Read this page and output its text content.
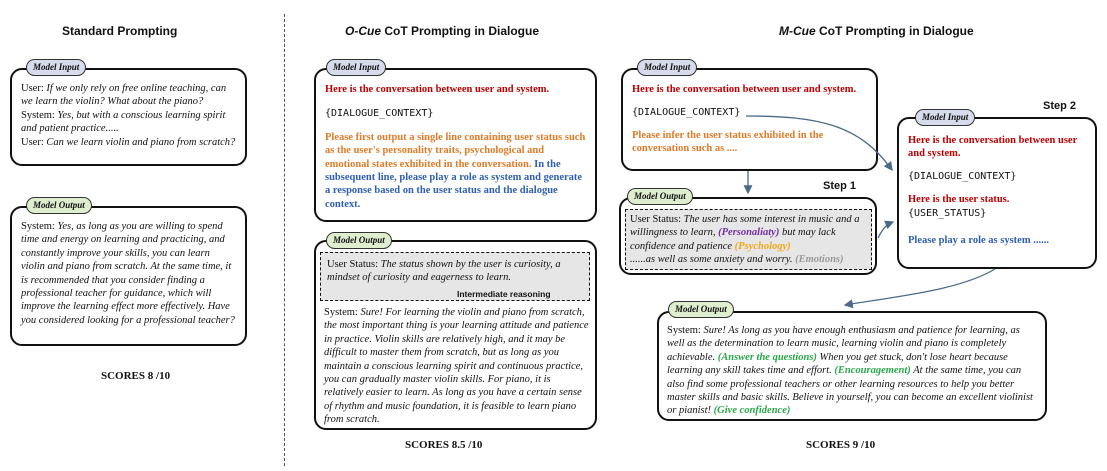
Standard Prompting	O-Cue CoT Prompting in Dialogue	M-Cue CoT Prompting in Dialogue

User: If we only rely on free online teaching, can we learn the violin? What about the piano?

System: Yes, but with a conscious learning spirit and patient practice.....

User: Can we learn violin and piano from scratch?

Model Input

System: Yes, as long as you are willing to spend time and energy on learning and practicing, and constantly improve your skills, you can learn violin and piano from scratch. At the same time, it is recommended that you consider finding a professional teacher for guidance, which will improve the learning effect more effectively. Have you considered looking for a professional teacher?

Model Output
SCORES 8 /10

Here is the conversation between user and system.

{DIALOGUE_CONTEXT}

Please first output a single line containing user status such as the user's personality traits, psychological and emotional states exhibited in the conversation. In the subsequent line, please play a role as system and generate a response based on the user status and the dialogue context.

Model Input

User Status: The status shown by the user is curiosity, a mindset of curiosity and eagerness to learn.

Intermediate reasoning

System: Sure! For learning the violin and piano from scratch, the most important thing is your learning attitude and patience in practice. Violin skills are relatively high, and it may be difficult to master them from scratch, but as long as you maintain a conscious learning spirit and continuous practice, you can gradually master violin skills. For piano, it is relatively easier to learn. As long as you have a certain sense of rhythm and music foundation, it is feasible to learn piano from scratch.

Model Output
SCORES 8.5 /10

Here is the conversation between user and system.

{DIALOGUE_CONTEXT}

Please infer the user status exhibited in the conversation such as ....

Model Input
Step 1
Step 2

User Status: The user has some interest in music and a willingness to learn, (Personaliaty) but may lack confidence and patience (Psychology)
......as well as some anxiety and worry. (Emotions)

Model Output

Here is the conversation between user and system.

{DIALOGUE_CONTEXT}

Here is the user status.

{USER_STATUS}

Please play a role as system ......

Model Input

System: Sure! As long as you have enough enthusiasm and patience for learning, as well as the determination to learn music, learning violin and piano is completely achievable. (Answer the questions) When you get stuck, don't lose heart because learning any skill takes time and effort. (Encouragement) At the same time, you can also find some professional teachers or other learning resources to help you better master skills and basic skills. Believe in yourself, you can become an excellent violinist or pianist! (Give confidence)

Model Output
SCORES 9 /10
